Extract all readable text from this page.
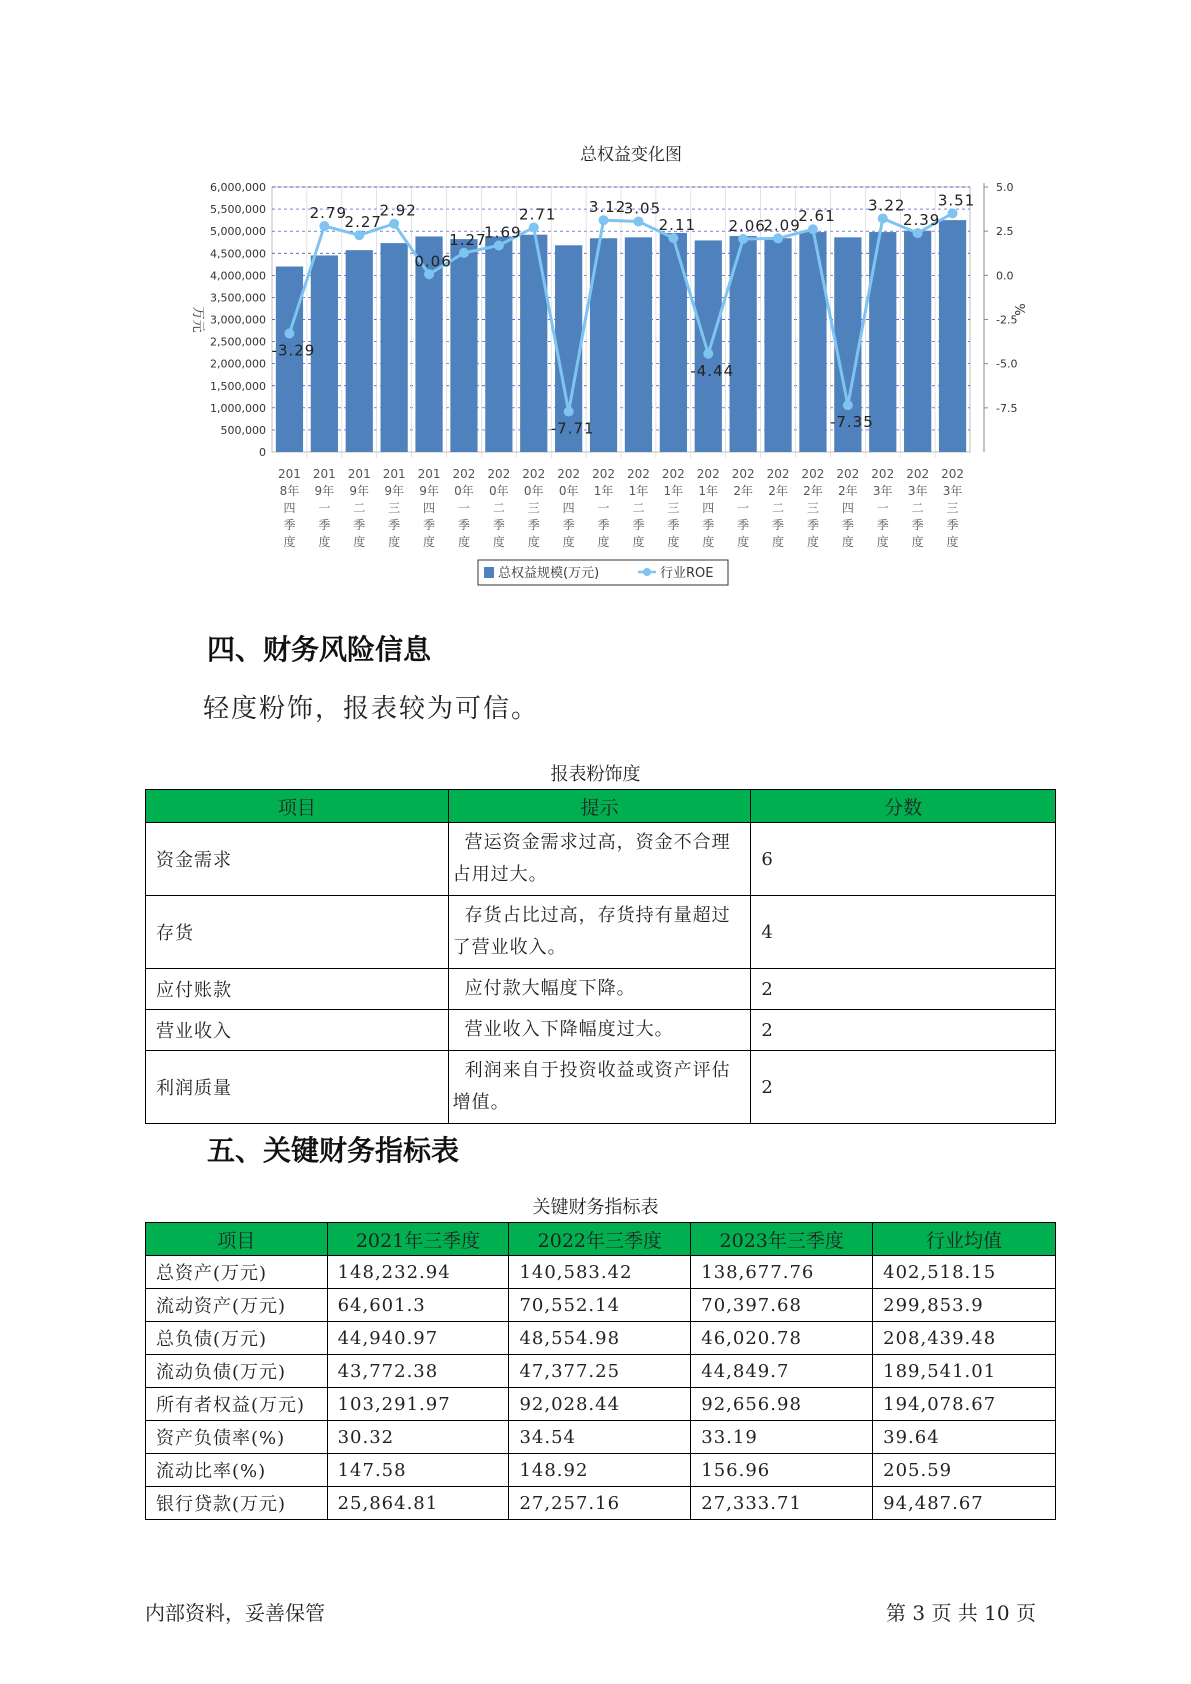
总权益变化图
0
500,000
1,000,000
1,500,000
2,000,000
2,500,000
3,000,000
3,500,000
4,000,000
4,500,000
5,000,000
5,500,000
6,000,000	5.0
2.5
0.0
-2.5
-5.0
-7.5
万元	%
-3.29
2.79
2.27
2.92
0.06
1.27
1.69
2.71
-7.71
3.12
3.05
2.11
-4.44
2.06
2.09
2.61
-7.35
3.22
2.39
3.51
201 8年四季度
201 9年一季度
201 9年二季度
201 9年三季度
201 9年四季度
202 0年一季度
202 0年二季度
202 0年三季度
202 0年四季度
202 1年一季度
202 1年二季度
202 1年三季度
202 1年四季度
202 2年一季度
202 2年二季度
202 2年三季度
202 2年四季度
202 3年一季度
202 3年二季度
202 3年三季度
总权益规模(万元)	行业ROE
四、财务风险信息
轻度粉饰，报表较为可信。
报表粉饰度
项目	提示	分数
资金需求	营运资金需求过高，资金不合理占用过大。	6
存货	存货占比过高，存货持有量超过了营业收入。	4
应付账款	应付款大幅度下降。	2
营业收入	营业收入下降幅度过大。	2
利润质量	利润来自于投资收益或资产评估增值。	2
五、关键财务指标表
关键财务指标表
项目	2021年三季度	2022年三季度	2023年三季度	行业均值
总资产(万元)	148,232.94	140,583.42	138,677.76	402,518.15
流动资产(万元)	64,601.3	70,552.14	70,397.68	299,853.9
总负债(万元)	44,940.97	48,554.98	46,020.78	208,439.48
流动负债(万元)	43,772.38	47,377.25	44,849.7	189,541.01
所有者权益(万元)	103,291.97	92,028.44	92,656.98	194,078.67
资产负债率(%)	30.32	34.54	33.19	39.64
流动比率(%)	147.58	148.92	156.96	205.59
银行贷款(万元)	25,864.81	27,257.16	27,333.71	94,487.67
内部资料，妥善保管	第 3 页 共 10 页
